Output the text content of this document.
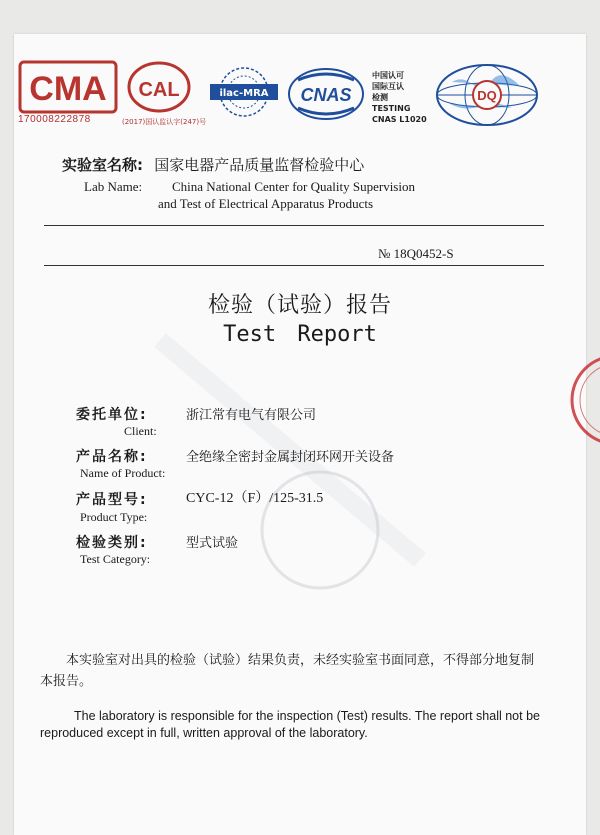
CMA
170008222878
CAL
(2017)国认监认字(247)号
ilac-MRA CNAS
中国认可
国际互认
检测
TESTING
CNAS L1020
DQ
实验室名称: 国家电器产品质量监督检验中心
Lab Name: China National Center for Quality Supervision
and Test of Electrical Apparatus Products
№ 18Q0452-S
检验（试验）报告
Test Report
委托单位:	浙江常有电气有限公司
Client:
产品名称:	全绝缘全密封金属封闭环网开关设备
Name of Product:
产品型号:	CYC-12（F）/125-31.5
Product Type:
检验类别:	型式试验
Test Category:
本实验室对出具的检验（试验）结果负责，未经实验室书面同意，不得部分地复制本报告。
The laboratory is responsible for the inspection (Test) results. The report shall not be reproduced except in full, written approval of the laboratory.
